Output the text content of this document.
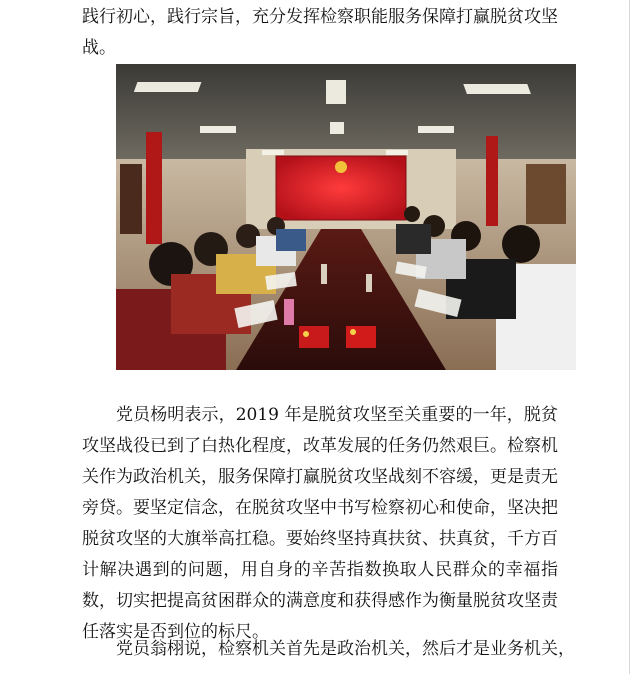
践行初心，践行宗旨，充分发挥检察职能服务保障打赢脱贫攻坚
战。

党员杨明表示，2019 年是脱贫攻坚至关重要的一年，脱贫
攻坚战役已到了白热化程度，改革发展的任务仍然艰巨。检察机
关作为政治机关，服务保障打赢脱贫攻坚战刻不容缓，更是责无
旁贷。要坚定信念，在脱贫攻坚中书写检察初心和使命，坚决把
脱贫攻坚的大旗举高扛稳。要始终坚持真扶贫、扶真贫，千方百
计解决遇到的问题，用自身的辛苦指数换取人民群众的幸福指
数，切实把提高贫困群众的满意度和获得感作为衡量脱贫攻坚责
任落实是否到位的标尺。

党员翁栩说，检察机关首先是政治机关，然后才是业务机关，
